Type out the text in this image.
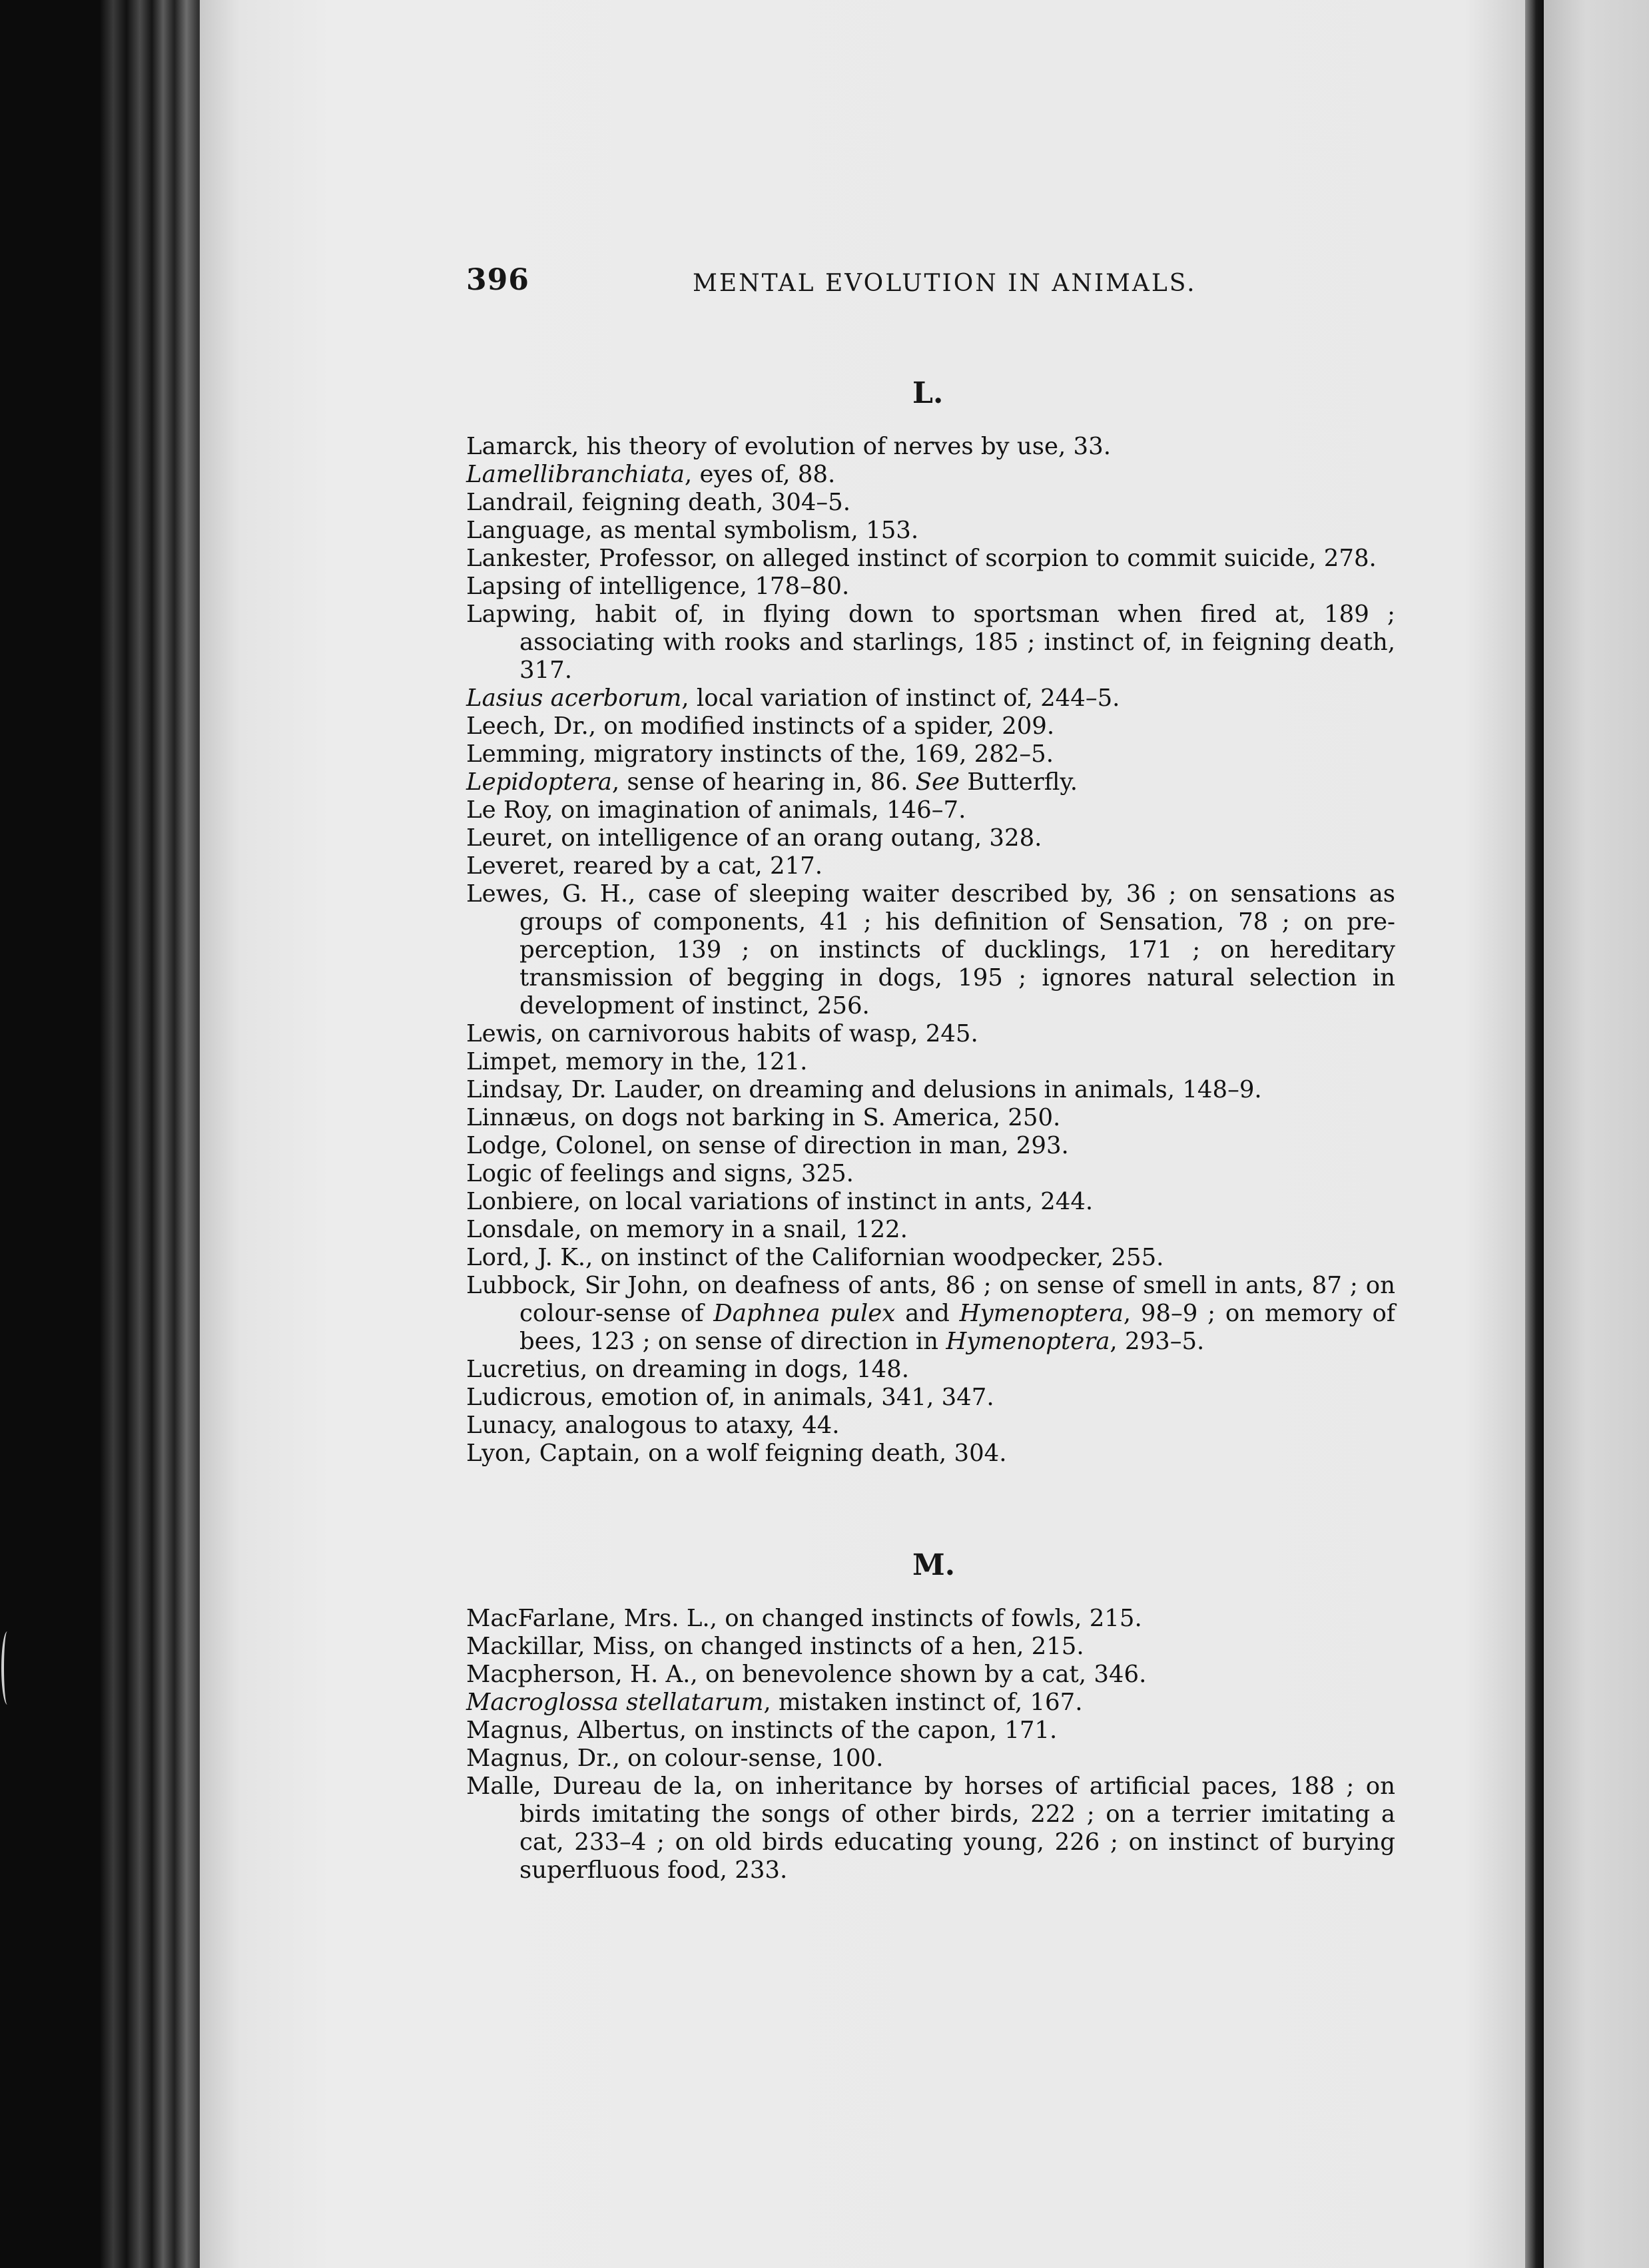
396	MENTAL EVOLUTION IN ANIMALS.
L.
Lamarck, his theory of evolution of nerves by use, 33.
Lamellibranchiata, eyes of, 88.
Landrail, feigning death, 304–5.
Language, as mental symbolism, 153.
Lankester, Professor, on alleged instinct of scorpion to commit suicide, 278.
Lapsing of intelligence, 178–80.
Lapwing, habit of, in flying down to sportsman when fired at, 189 ; associating with rooks and starlings, 185 ; instinct of, in feigning death, 317.
Lasius acerborum, local variation of instinct of, 244–5.
Leech, Dr., on modified instincts of a spider, 209.
Lemming, migratory instincts of the, 169, 282–5.
Lepidoptera, sense of hearing in, 86. See Butterfly.
Le Roy, on imagination of animals, 146–7.
Leuret, on intelligence of an orang outang, 328.
Leveret, reared by a cat, 217.
Lewes, G. H., case of sleeping waiter described by, 36 ; on sensations as groups of components, 41 ; his definition of Sensation, 78 ; on pre-perception, 139 ; on instincts of ducklings, 171 ; on hereditary transmission of begging in dogs, 195 ; ignores natural selection in development of instinct, 256.
Lewis, on carnivorous habits of wasp, 245.
Limpet, memory in the, 121.
Lindsay, Dr. Lauder, on dreaming and delusions in animals, 148–9.
Linnæus, on dogs not barking in S. America, 250.
Lodge, Colonel, on sense of direction in man, 293.
Logic of feelings and signs, 325.
Lonbiere, on local variations of instinct in ants, 244.
Lonsdale, on memory in a snail, 122.
Lord, J. K., on instinct of the Californian woodpecker, 255.
Lubbock, Sir John, on deafness of ants, 86 ; on sense of smell in ants, 87 ; on colour-sense of Daphnea pulex and Hymenoptera, 98–9 ; on memory of bees, 123 ; on sense of direction in Hymenoptera, 293–5.
Lucretius, on dreaming in dogs, 148.
Ludicrous, emotion of, in animals, 341, 347.
Lunacy, analogous to ataxy, 44.
Lyon, Captain, on a wolf feigning death, 304.
M.
MacFarlane, Mrs. L., on changed instincts of fowls, 215.
Mackillar, Miss, on changed instincts of a hen, 215.
Macpherson, H. A., on benevolence shown by a cat, 346.
Macroglossa stellatarum, mistaken instinct of, 167.
Magnus, Albertus, on instincts of the capon, 171.
Magnus, Dr., on colour-sense, 100.
Malle, Dureau de la, on inheritance by horses of artificial paces, 188 ; on birds imitating the songs of other birds, 222 ; on a terrier imitating a cat, 233–4 ; on old birds educating young, 226 ; on instinct of burying superfluous food, 233.
